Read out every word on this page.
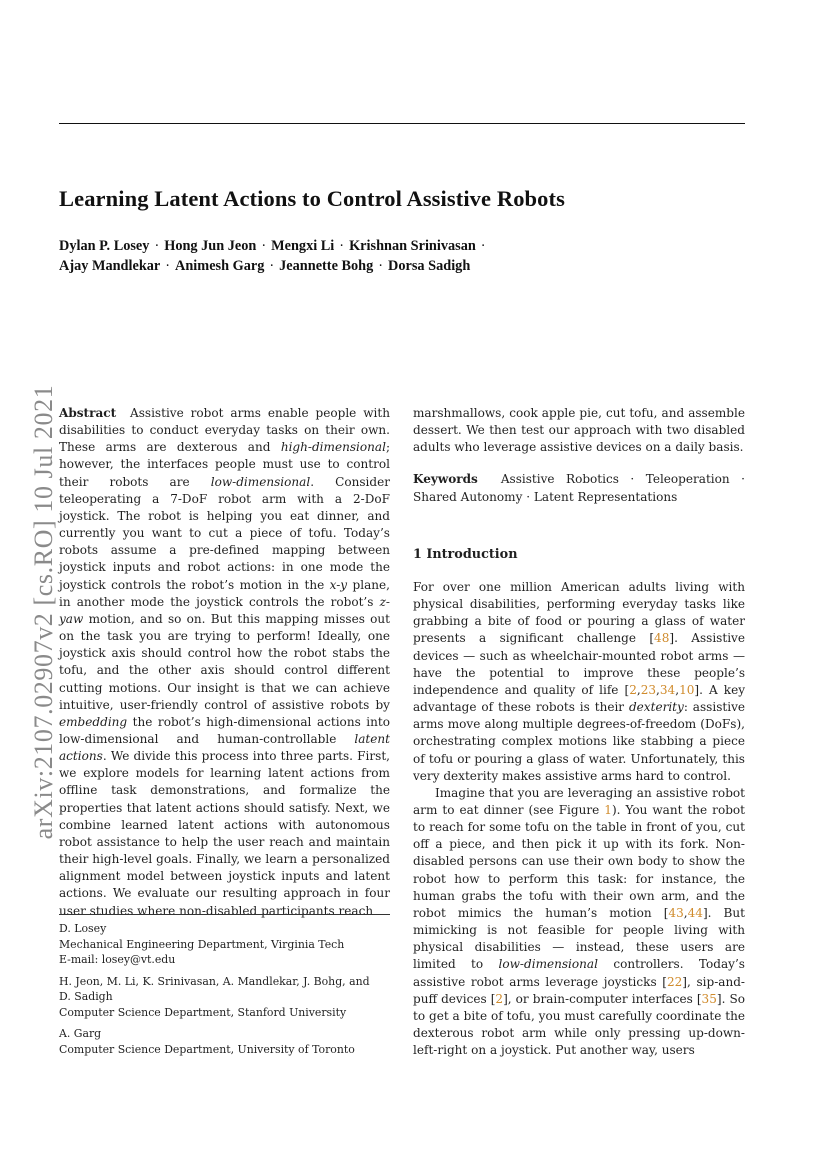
arXiv:2107.02907v2 [cs.RO] 10 Jul 2021
Learning Latent Actions to Control Assistive Robots
Dylan P. Losey · Hong Jun Jeon · Mengxi Li · Krishnan Srinivasan ·
Ajay Mandlekar · Animesh Garg · Jeannette Bohg · Dorsa Sadigh

Abstract Assistive robot arms enable people with disabilities to conduct everyday tasks on their own. These arms are dexterous and high-dimensional; however, the interfaces people must use to control their robots are low-dimensional. Consider teleoperating a 7-DoF robot arm with a 2-DoF joystick. The robot is helping you eat dinner, and currently you want to cut a piece of tofu. Today’s robots assume a pre-defined mapping between joystick inputs and robot actions: in one mode the joystick controls the robot’s motion in the x-y plane, in another mode the joystick controls the robot’s z-yaw motion, and so on. But this mapping misses out on the task you are trying to perform! Ideally, one joystick axis should control how the robot stabs the tofu, and the other axis should control different cutting motions. Our insight is that we can achieve intuitive, user-friendly control of assistive robots by embedding the robot’s high-dimensional actions into low-dimensional and human-controllable latent actions. We divide this process into three parts. First, we explore models for learning latent actions from offline task demonstrations, and formalize the properties that latent actions should satisfy. Next, we combine learned latent actions with autonomous robot assistance to help the user reach and maintain their high-level goals. Finally, we learn a personalized alignment model between joystick inputs and latent actions. We evaluate our resulting approach in four user studies where non-disabled participants reach

D. Losey
Mechanical Engineering Department, Virginia Tech
E-mail: losey@vt.edu
H. Jeon, M. Li, K. Srinivasan, A. Mandlekar, J. Bohg, and
D. Sadigh
Computer Science Department, Stanford University
A. Garg
Computer Science Department, University of Toronto

marshmallows, cook apple pie, cut tofu, and assemble dessert. We then test our approach with two disabled adults who leverage assistive devices on a daily basis.

Keywords Assistive Robotics · Teleoperation · Shared Autonomy · Latent Representations

1 Introduction

For over one million American adults living with physical disabilities, performing everyday tasks like grabbing a bite of food or pouring a glass of water presents a significant challenge [48]. Assistive devices — such as wheelchair-mounted robot arms — have the potential to improve these people’s independence and quality of life [2,23,34,10]. A key advantage of these robots is their dexterity: assistive arms move along multiple degrees-of-freedom (DoFs), orchestrating complex motions like stabbing a piece of tofu or pouring a glass of water. Unfortunately, this very dexterity makes assistive arms hard to control.

Imagine that you are leveraging an assistive robot arm to eat dinner (see Figure 1). You want the robot to reach for some tofu on the table in front of you, cut off a piece, and then pick it up with its fork. Non-disabled persons can use their own body to show the robot how to perform this task: for instance, the human grabs the tofu with their own arm, and the robot mimics the human’s motion [43,44]. But mimicking is not feasible for people living with physical disabilities — instead, these users are limited to low-dimensional controllers. Today’s assistive robot arms leverage joysticks [22], sip-and-puff devices [2], or brain-computer interfaces [35]. So to get a bite of tofu, you must carefully coordinate the dexterous robot arm while only pressing up-down-left-right on a joystick. Put another way, users
